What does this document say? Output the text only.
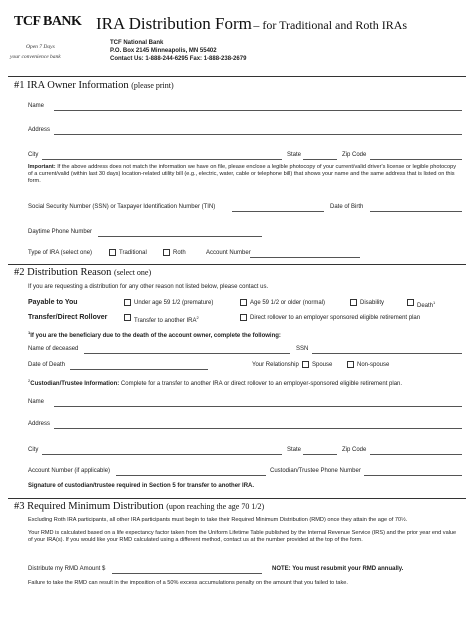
TCF BANK
Open 7 Days
your convenience bank
IRA Distribution Form – for Traditional and Roth IRAs
TCF National Bank
P.O. Box 2145 Minneapolis, MN 55402
Contact Us: 1-888-244-6295 Fax: 1-888-238-2679
#1 IRA Owner Information (please print)
Name
Address
City	State	Zip Code
Important: If the above address does not match the information we have on file, please enclose a legible photocopy of your current/valid driver's license or legible photocopy of a current/valid (within last 30 days) location-related utility bill (e.g., electric, water, cable or telephone bill) that shows your name and the same address that is listed on this form.
Social Security Number (SSN) or Taxpayer Identification Number (TIN)	Date of Birth
Daytime Phone Number
Type of IRA (select one)	Traditional	Roth	Account Number
#2 Distribution Reason (select one)
If you are requesting a distribution for any other reason not listed below, please contact us.
Payable to You	Under age 59 1/2 (premature)	Age 59 1/2 or older (normal)	Disability	Death$^1$
Transfer/Direct Rollover	Transfer to another IRA$^2$	Direct rollover to an employer sponsored eligible retirement plan
$^1$If you are the beneficiary due to the death of the account owner, complete the following:
Name of deceased	SSN
Date of Death	Your Relationship Spouse	Non-spouse
$^2$Custodian/Trustee Information: Complete for a transfer to another IRA or direct rollover to an employer-sponsored eligible retirement plan.
Name
Address
City	State	Zip Code
Account Number (if applicable)	Custodian/Trustee Phone Number
Signature of custodian/trustee required in Section 5 for transfer to another IRA.
#3 Required Minimum Distribution (upon reaching the age 70 1/2)
Excluding Roth IRA participants, all other IRA participants must begin to take their Required Minimum Distribution (RMD) once they attain the age of 70½.
Your RMD is calculated based on a life expectancy factor taken from the Uniform Lifetime Table published by the Internal Revenue Service (IRS) and the prior year end value of your IRA(s). If you would like your RMD calculated using a different method, contact us at the number provided at the top of the form.
Distribute my RMD Amount $	NOTE: You must resubmit your RMD annually.
Failure to take the RMD can result in the imposition of a 50% excess accumulations penalty on the amount that you failed to take.
